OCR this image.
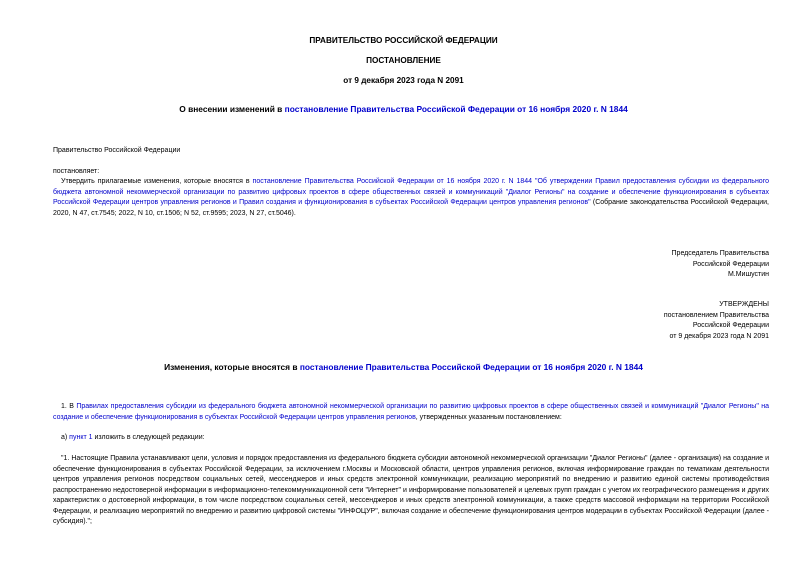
ПРАВИТЕЛЬСТВО РОССИЙСКОЙ ФЕДЕРАЦИИ
ПОСТАНОВЛЕНИЕ
от 9 декабря 2023 года N 2091
О внесении изменений в постановление Правительства Российской Федерации от 16 ноября 2020 г. N 1844
Правительство Российской Федерации
постановляет:
Утвердить прилагаемые изменения, которые вносятся в постановление Правительства Российской Федерации от 16 ноября 2020 г. N 1844 "Об утверждении Правил предоставления субсидии из федерального бюджета автономной некоммерческой организации по развитию цифровых проектов в сфере общественных связей и коммуникаций "Диалог Регионы" на создание и обеспечение функционирования в субъектах Российской Федерации центров управления регионов и Правил создания и функционирования в субъектах Российской Федерации центров управления регионов" (Собрание законодательства Российской Федерации, 2020, N 47, ст.7545; 2022, N 10, ст.1506; N 52, ст.9595; 2023, N 27, ст.5046).
Председатель Правительства
Российской Федерации
М.Мишустин
УТВЕРЖДЕНЫ
постановлением Правительства
Российской Федерации
от 9 декабря 2023 года N 2091
Изменения, которые вносятся в постановление Правительства Российской Федерации от 16 ноября 2020 г. N 1844
1. В Правилах предоставления субсидии из федерального бюджета автономной некоммерческой организации по развитию цифровых проектов в сфере общественных связей и коммуникаций "Диалог Регионы" на создание и обеспечение функционирования в субъектах Российской Федерации центров управления регионов, утвержденных указанным постановлением:
а) пункт 1 изложить в следующей редакции:
"1. Настоящие Правила устанавливают цели, условия и порядок предоставления из федерального бюджета субсидии автономной некоммерческой организации "Диалог Регионы" (далее - организация) на создание и обеспечение функционирования в субъектах Российской Федерации, за исключением г.Москвы и Московской области, центров управления регионов, включая информирование граждан по тематикам деятельности центров управления регионов посредством социальных сетей, мессенджеров и иных средств электронной коммуникации, реализацию мероприятий по внедрению и развитию единой системы противодействия распространению недостоверной информации в информационно-телекоммуникационной сети "Интернет" и информирование пользователей и целевых групп граждан с учетом их географического размещения и других характеристик о достоверной информации, в том числе посредством социальных сетей, мессенджеров и иных средств электронной коммуникации, а также средств массовой информации на территории Российской Федерации, и реализацию мероприятий по внедрению и развитию цифровой системы "ИНФОЦУР", включая создание и обеспечение функционирования центров модерации в субъектах Российской Федерации (далее - субсидия).";
